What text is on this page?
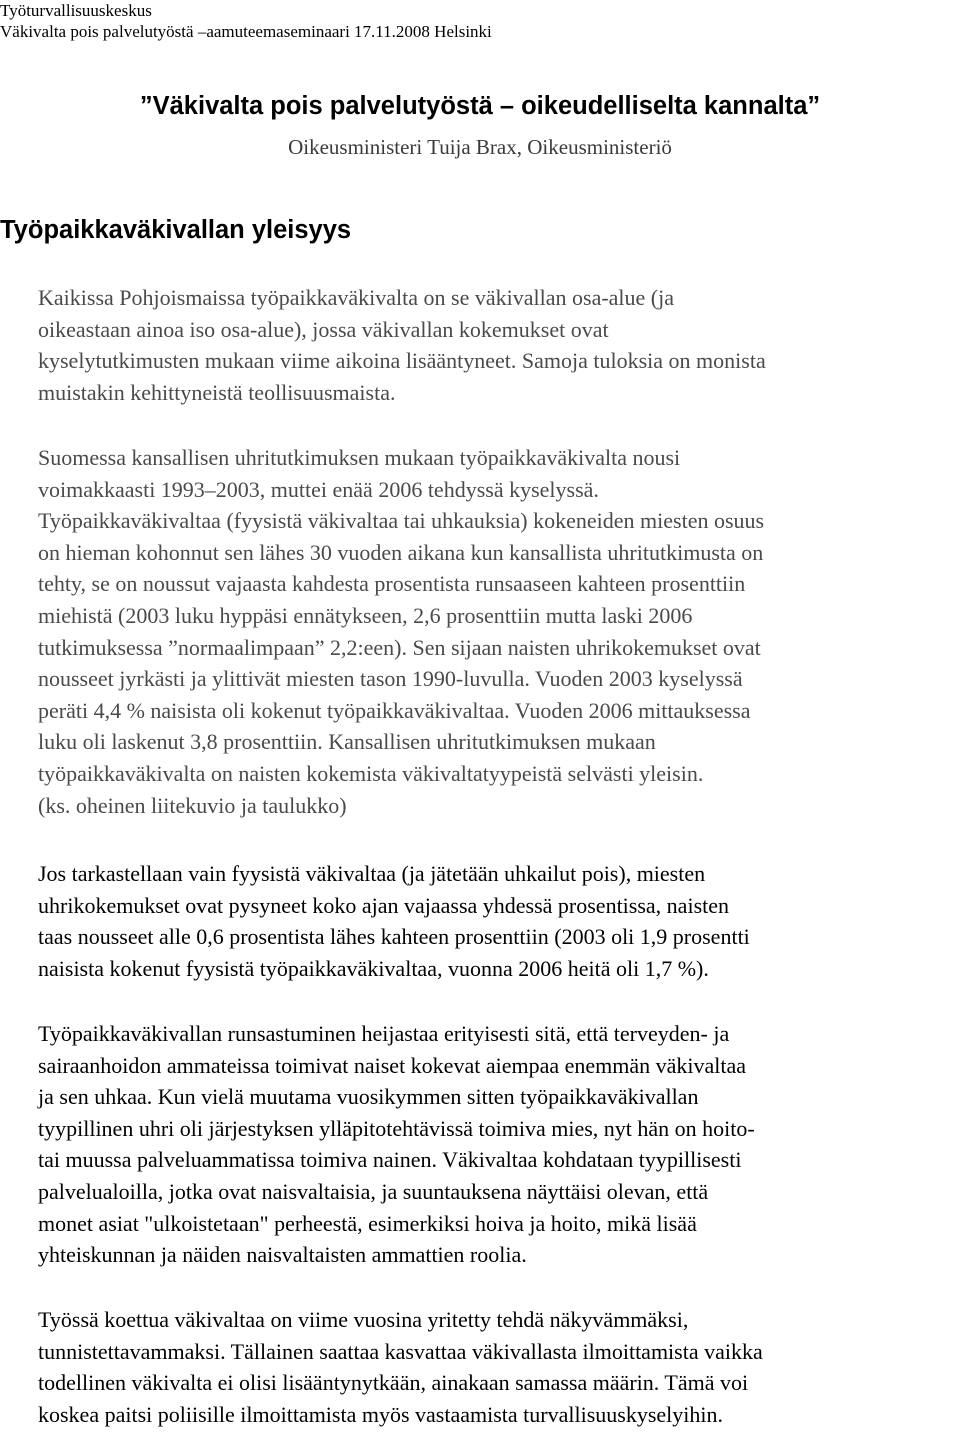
Työturvallisuuskeskus
Väkivalta pois palvelutyöstä –aamuteemaseminaari 17.11.2008 Helsinki
”Väkivalta pois palvelutyöstä – oikeudelliselta kannalta”
Oikeusministeri Tuija Brax, Oikeusministeriö
Työpaikkaväkivallan yleisyys
Kaikissa Pohjoismaissa työpaikkaväkivalta on se väkivallan osa-alue (ja
oikeastaan ainoa iso osa-alue), jossa väkivallan kokemukset ovat
kyselytutkimusten mukaan viime aikoina lisääntyneet. Samoja tuloksia on monista
muistakin kehittyneistä teollisuusmaista.
Suomessa kansallisen uhritutkimuksen mukaan työpaikkaväkivalta nousi
voimakkaasti 1993–2003, muttei enää 2006 tehdyssä kyselyssä.
Työpaikkaväkivaltaa (fyysistä väkivaltaa tai uhkauksia) kokeneiden miesten osuus
on hieman kohonnut sen lähes 30 vuoden aikana kun kansallista uhritutkimusta on
tehty, se on noussut vajaasta kahdesta prosentista runsaaseen kahteen prosenttiin
miehistä (2003 luku hyppäsi ennätykseen, 2,6 prosenttiin mutta laski 2006
tutkimuksessa ”normaalimpaan” 2,2:een). Sen sijaan naisten uhrikokemukset ovat
nousseet jyrkästi ja ylittivät miesten tason 1990-luvulla. Vuoden 2003 kyselyssä
peräti 4,4 % naisista oli kokenut työpaikkaväkivaltaa. Vuoden 2006 mittauksessa
luku oli laskenut 3,8 prosenttiin. Kansallisen uhritutkimuksen mukaan
työpaikkaväkivalta on naisten kokemista väkivaltatyypeistä selvästi yleisin.
(ks. oheinen liitekuvio ja taulukko)
Jos tarkastellaan vain fyysistä väkivaltaa (ja jätetään uhkailut pois), miesten
uhrikokemukset ovat pysyneet koko ajan vajaassa yhdessä prosentissa, naisten
taas nousseet alle 0,6 prosentista lähes kahteen prosenttiin (2003 oli 1,9 prosentti
naisista kokenut fyysistä työpaikkaväkivaltaa, vuonna 2006 heitä oli 1,7 %).
Työpaikkaväkivallan runsastuminen heijastaa erityisesti sitä, että terveyden- ja
sairaanhoidon ammateissa toimivat naiset kokevat aiempaa enemmän väkivaltaa
ja sen uhkaa. Kun vielä muutama vuosikymmen sitten työpaikkaväkivallan
tyypillinen uhri oli järjestyksen ylläpitotehtävissä toimiva mies, nyt hän on hoito-
tai muussa palveluammatissa toimiva nainen. Väkivaltaa kohdataan tyypillisesti
palvelualoilla, jotka ovat naisvaltaisia, ja suuntauksena näyttäisi olevan, että
monet asiat "ulkoistetaan" perheestä, esimerkiksi hoiva ja hoito, mikä lisää
yhteiskunnan ja näiden naisvaltaisten ammattien roolia.
Työssä koettua väkivaltaa on viime vuosina yritetty tehdä näkyvämmäksi,
tunnistettavammaksi. Tällainen saattaa kasvattaa väkivallasta ilmoittamista vaikka
todellinen väkivalta ei olisi lisääntynytkään, ainakaan samassa määrin. Tämä voi
koskea paitsi poliisille ilmoittamista myös vastaamista turvallisuuskyselyihin.
